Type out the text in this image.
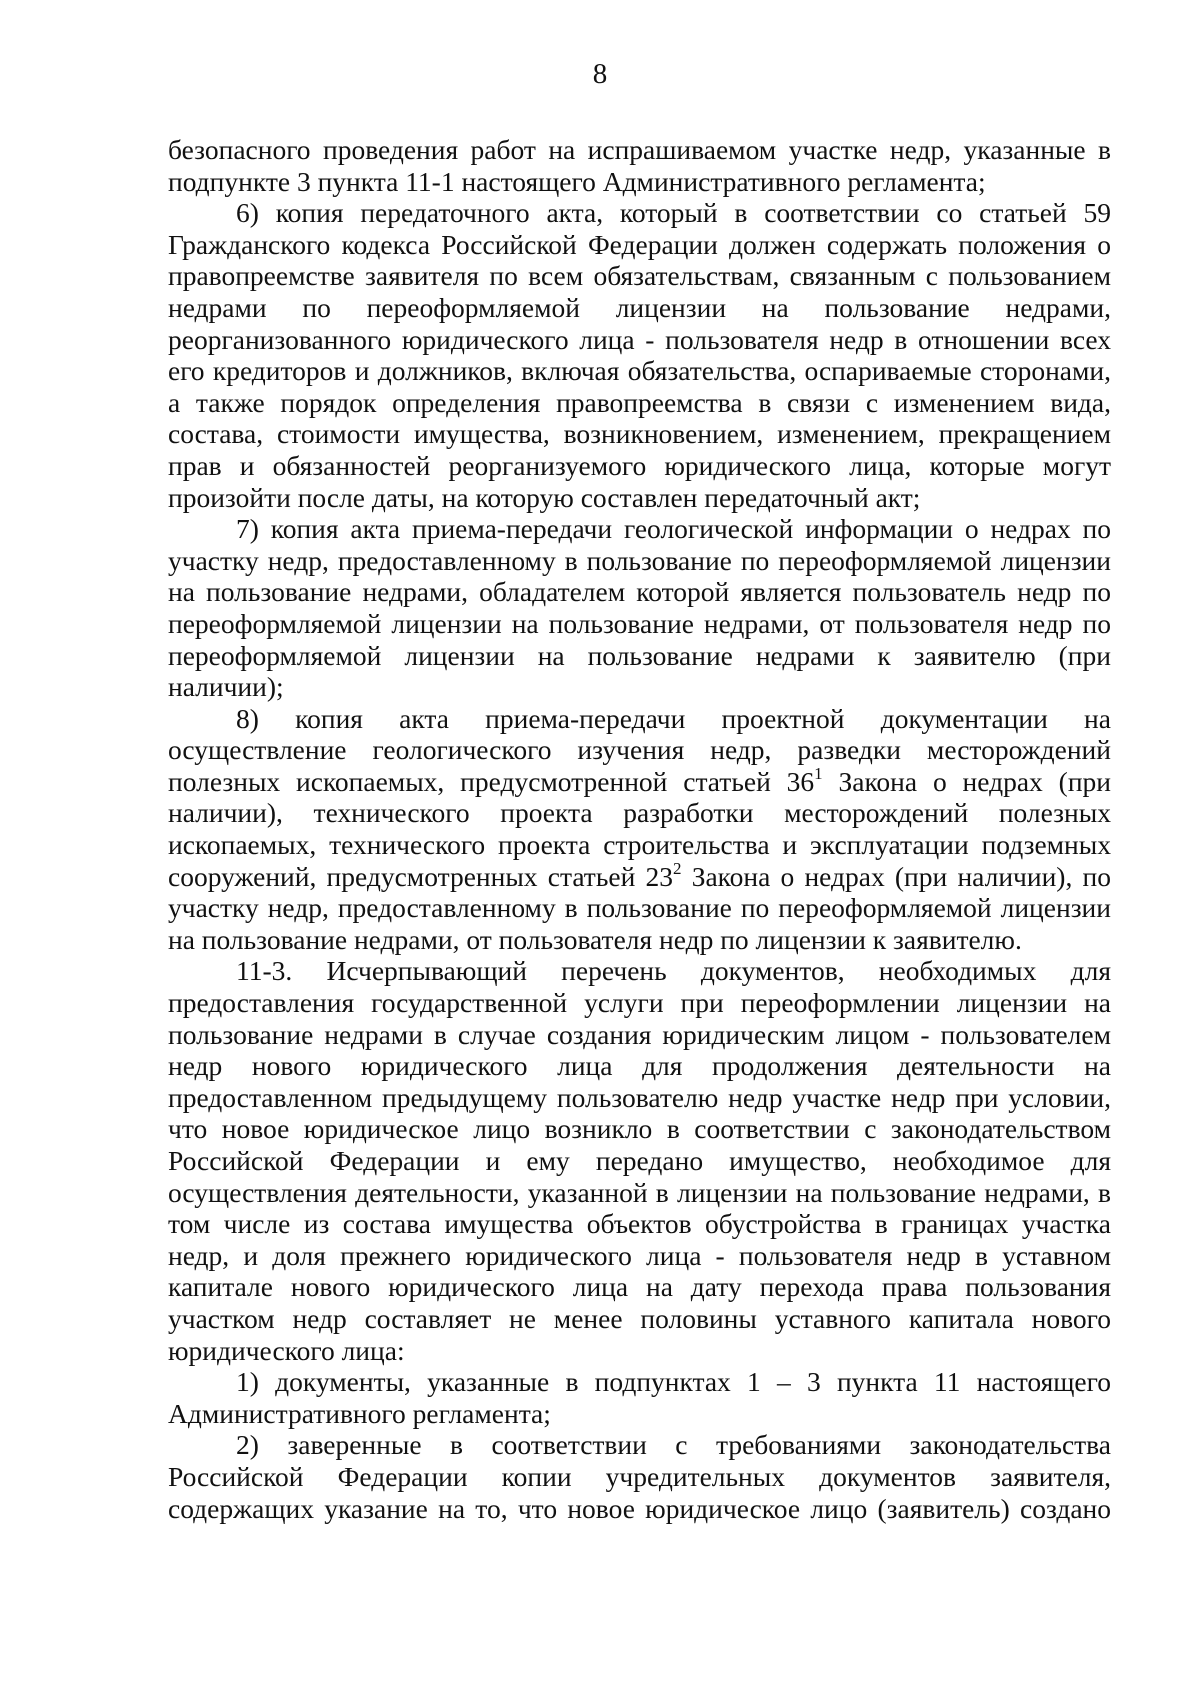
8

безопасного проведения работ на испрашиваемом участке недр, указанные в подпункте 3 пункта 11-1 настоящего Административного регламента;

6) копия передаточного акта, который в соответствии со статьей 59 Гражданского кодекса Российской Федерации должен содержать положения о правопреемстве заявителя по всем обязательствам, связанным с пользованием недрами по переоформляемой лицензии на пользование недрами, реорганизованного юридического лица - пользователя недр в отношении всех его кредиторов и должников, включая обязательства, оспариваемые сторонами, а также порядок определения правопреемства в связи с изменением вида, состава, стоимости имущества, возникновением, изменением, прекращением прав и обязанностей реорганизуемого юридического лица, которые могут произойти после даты, на которую составлен передаточный акт;

7) копия акта приема-передачи геологической информации о недрах по участку недр, предоставленному в пользование по переоформляемой лицензии на пользование недрами, обладателем которой является пользователь недр по переоформляемой лицензии на пользование недрами, от пользователя недр по переоформляемой лицензии на пользование недрами к заявителю (при наличии);

8) копия акта приема-передачи проектной документации на осуществление геологического изучения недр, разведки месторождений полезных ископаемых, предусмотренной статьей $36^1$ Закона о недрах (при наличии), технического проекта разработки месторождений полезных ископаемых, технического проекта строительства и эксплуатации подземных сооружений, предусмотренных статьей $23^2$ Закона о недрах (при наличии), по участку недр, предоставленному в пользование по переоформляемой лицензии на пользование недрами, от пользователя недр по лицензии к заявителю.

11-3. Исчерпывающий перечень документов, необходимых для предоставления государственной услуги при переоформлении лицензии на пользование недрами в случае создания юридическим лицом - пользователем недр нового юридического лица для продолжения деятельности на предоставленном предыдущему пользователю недр участке недр при условии, что новое юридическое лицо возникло в соответствии с законодательством Российской Федерации и ему передано имущество, необходимое для осуществления деятельности, указанной в лицензии на пользование недрами, в том числе из состава имущества объектов обустройства в границах участка недр, и доля прежнего юридического лица - пользователя недр в уставном капитале нового юридического лица на дату перехода права пользования участком недр составляет не менее половины уставного капитала нового юридического лица:

1) документы, указанные в подпунктах 1 – 3 пункта 11 настоящего Административного регламента;

2) заверенные в соответствии с требованиями законодательства Российской Федерации копии учредительных документов заявителя, содержащих указание на то, что новое юридическое лицо (заявитель) создано
